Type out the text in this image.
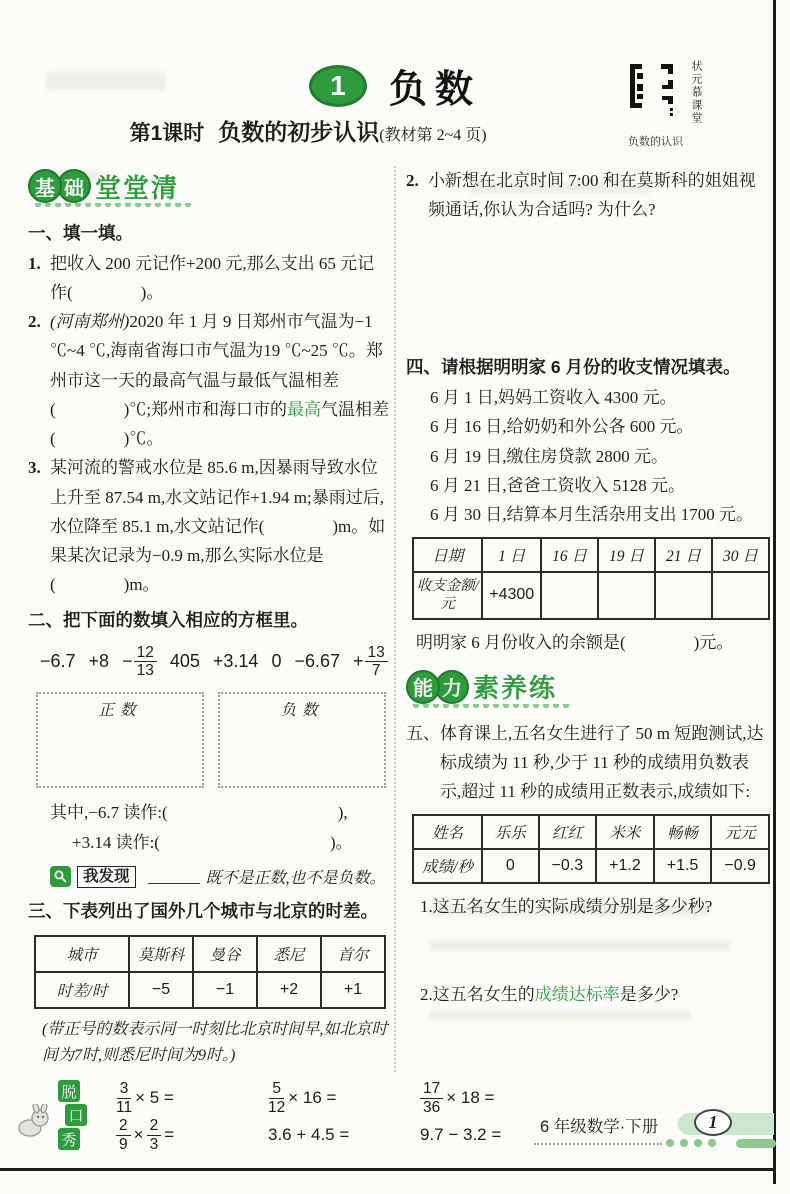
1 负数
第1课时 负数的初步认识(教材第 2~4 页)
状元慕课堂
负数的认识
基 础 堂堂清

一、填一填。

1. 把收入 200 元记作+200 元,那么支出 65 元记作(　　　　)。

2. (河南郑州)2020 年 1 月 9 日郑州市气温为−1 ℃~4 ℃,海南省海口市气温为19 ℃~25 ℃。郑州市这一天的最高气温与最低气温相差(　　　　)℃;郑州市和海口市的最高气温相差(　　　　)℃。

3. 某河流的警戒水位是 85.6 m,因暴雨导致水位上升至 87.54 m,水文站记作+1.94 m;暴雨过后,水位降至 85.1 m,水文站记作(　　　　)m。如果某次记录为−0.9 m,那么实际水位是(　　　　)m。

二、把下面的数填入相应的方框里。

$-6.7 +8 - \frac{12}{13} 405 +3.14$ $0 -6.67 + \frac{13}{7}$
正数	负数

其中,−6.7 读作:(　　　　　　　　　　),

+3.14 读作:(　　　　　　　　　　)。

我发现	既不是正数,也不是负数。

三、下表列出了国外几个城市与北京的时差。

城市	莫斯科	曼谷	悉尼	首尔
时差/时	−5	−1	+2	+1

(带正号的数表示同一时刻比北京时间早,如北京时间为7时,则悉尼时间为9时。)

2. 小新想在北京时间 7:00 和在莫斯科的姐姐视频通话,你认为合适吗? 为什么?

四、请根据明明家 6 月份的收支情况填表。

6 月 1 日,妈妈工资收入 4300 元。

6 月 16 日,给奶奶和外公各 600 元。

6 月 19 日,缴住房贷款 2800 元。

6 月 21 日,爸爸工资收入 5128 元。

6 月 30 日,结算本月生活杂用支出 1700 元。

日期	1 日	16 日	19 日	21 日	30 日
收支金额/元	+4300				

明明家 6 月份收入的余额是(　　　　)元。

能 力 素养练

五、体育课上,五名女生进行了 50 m 短跑测试,达标成绩为 11 秒,少于 11 秒的成绩用负数表示,超过 11 秒的成绩用正数表示,成绩如下:

姓名	乐乐	红红	米米	畅畅	元元
成绩/秒	0	−0.3	+1.2	+1.5	−0.9

1.这五名女生的实际成绩分别是多少秒?

2.这五名女生的成绩达标率是多少?

脱
口
秀
$\frac{3}{11} \times 5$ =
$\frac{2}{9} \times \frac{2}{3}$ =
$\frac{5}{12} \times 16$ =
3.6 + 4.5 =
$\frac{17}{36} \times 18$ =
9.7 − 3.2 =	6 年级数学·下册	1
